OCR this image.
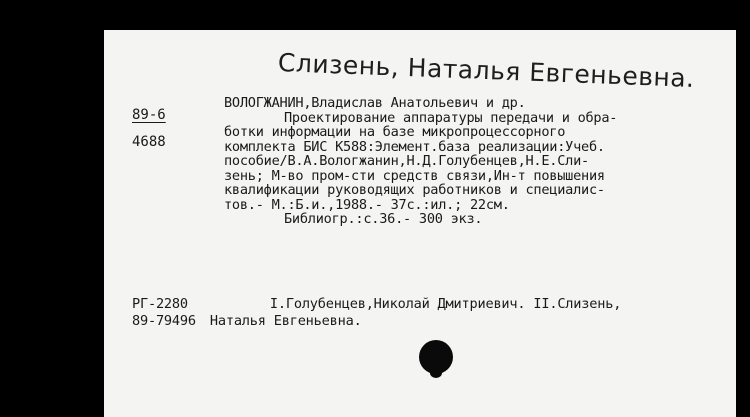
Слизень, Наталья Евгеньевна.
89-6
4688
ВОЛОГЖАНИН,Владислав Анатольевич и др.
Проектирование аппаратуры передачи и обра-
ботки информации на базе микропроцессорного
комплекта БИС К588:Элемент.база реализации:Учеб.
пособие/В.А.Вологжанин,Н.Д.Голубенцев,Н.Е.Сли-
зень; М-во пром-сти средств связи,Ин-т повышения
квалификации руководящих работников и специалис-
тов.- М.:Б.и.,1988.- 37с.:ил.; 22см.
Библиогр.:с.36.- 300 экз.
РГ-2280	I.Голубенцев,Николай Дмитриевич. II.Слизень,
89-79496 Наталья Евгеньевна.
